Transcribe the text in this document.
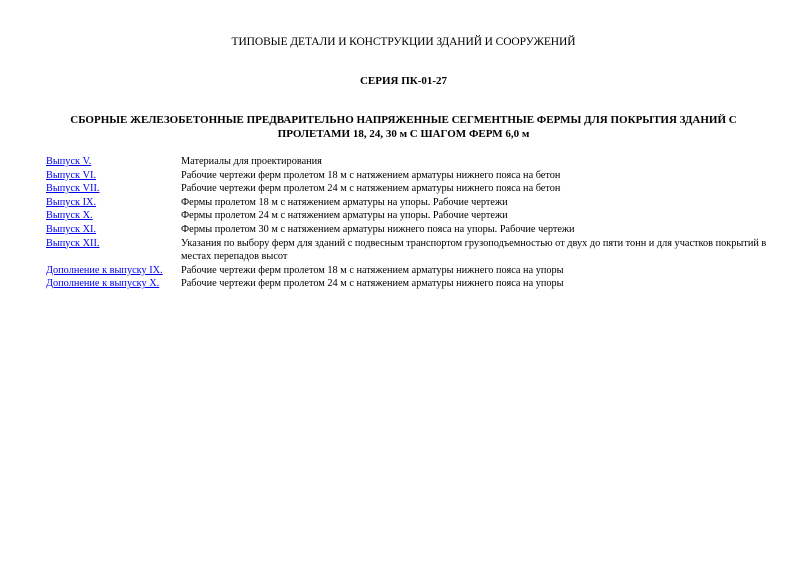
ТИПОВЫЕ ДЕТАЛИ И КОНСТРУКЦИИ ЗДАНИЙ И СООРУЖЕНИЙ

СЕРИЯ ПК-01-27

СБОРНЫЕ ЖЕЛЕЗОБЕТОННЫЕ ПРЕДВАРИТЕЛЬНО НАПРЯЖЕННЫЕ СЕГМЕНТНЫЕ ФЕРМЫ ДЛЯ ПОКРЫТИЯ ЗДАНИЙ С ПРОЛЕТАМИ 18, 24, 30 м С ШАГОМ ФЕРМ 6,0 м

Выпуск V.	Материалы для проектирования
Выпуск VI.	Рабочие чертежи ферм пролетом 18 м с натяжением арматуры нижнего пояса на бетон
Выпуск VII.	Рабочие чертежи ферм пролетом 24 м с натяжением арматуры нижнего пояса на бетон
Выпуск IX.	Фермы пролетом 18 м с натяжением арматуры на упоры. Рабочие чертежи
Выпуск X.	Фермы пролетом 24 м с натяжением арматуры на упоры. Рабочие чертежи
Выпуск XI.	Фермы пролетом 30 м с натяжением арматуры нижнего пояса на упоры. Рабочие чертежи
Выпуск XII.	Указания по выбору ферм для зданий с подвесным транспортом грузоподъемностью от двух до пяти тонн и для участков покрытий в местах перепадов высот
Дополнение к выпуску IX.	Рабочие чертежи ферм пролетом 18 м с натяжением арматуры нижнего пояса на упоры
Дополнение к выпуску X.	Рабочие чертежи ферм пролетом 24 м с натяжением арматуры нижнего пояса на упоры
